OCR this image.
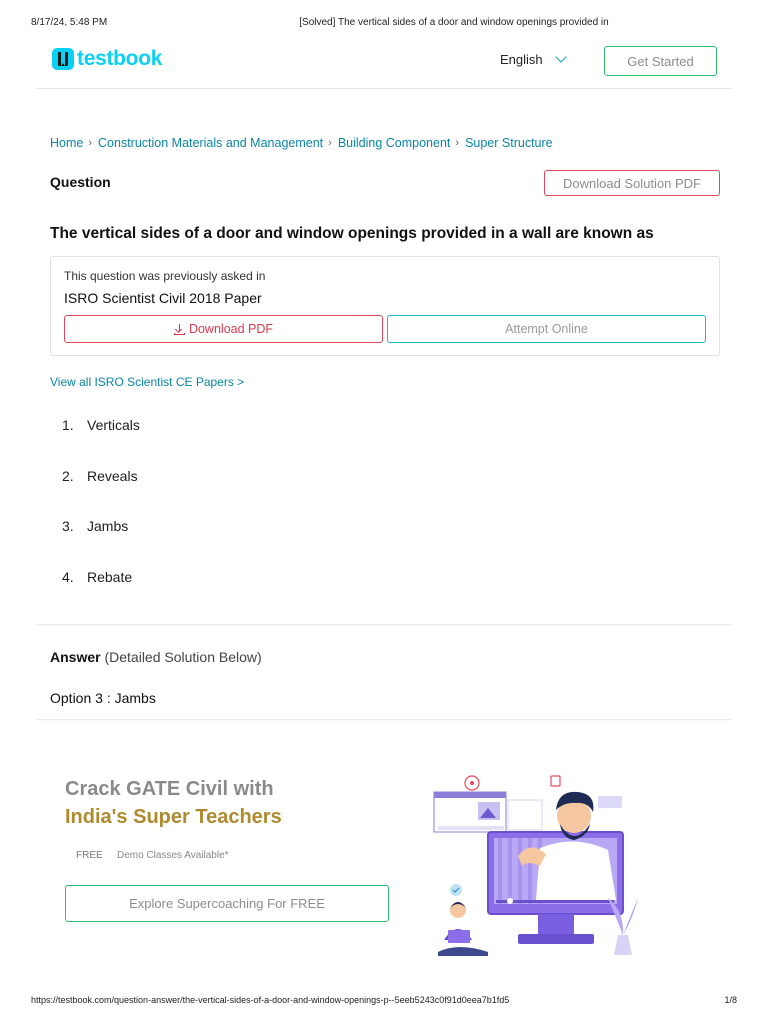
8/17/24, 5:48 PM	[Solved] The vertical sides of a door and window openings provided in
testbook	English	Get Started
Home › Construction Materials and Management › Building Component › Super Structure
Question	Download Solution PDF
The vertical sides of a door and window openings provided in a wall are known as
This question was previously asked in
ISRO Scientist Civil 2018 Paper
Download PDF	Attempt Online
View all ISRO Scientist CE Papers >
1. Verticals
2. Reveals
3. Jambs
4. Rebate
Answer (Detailed Solution Below)
Option 3 : Jambs
Crack GATE Civil with
India's Super Teachers
FREE Demo Classes Available*
Explore Supercoaching For FREE
https://testbook.com/question-answer/the-vertical-sides-of-a-door-and-window-openings-p--5eeb5243c0f91d0eea7b1fd5	1/8
